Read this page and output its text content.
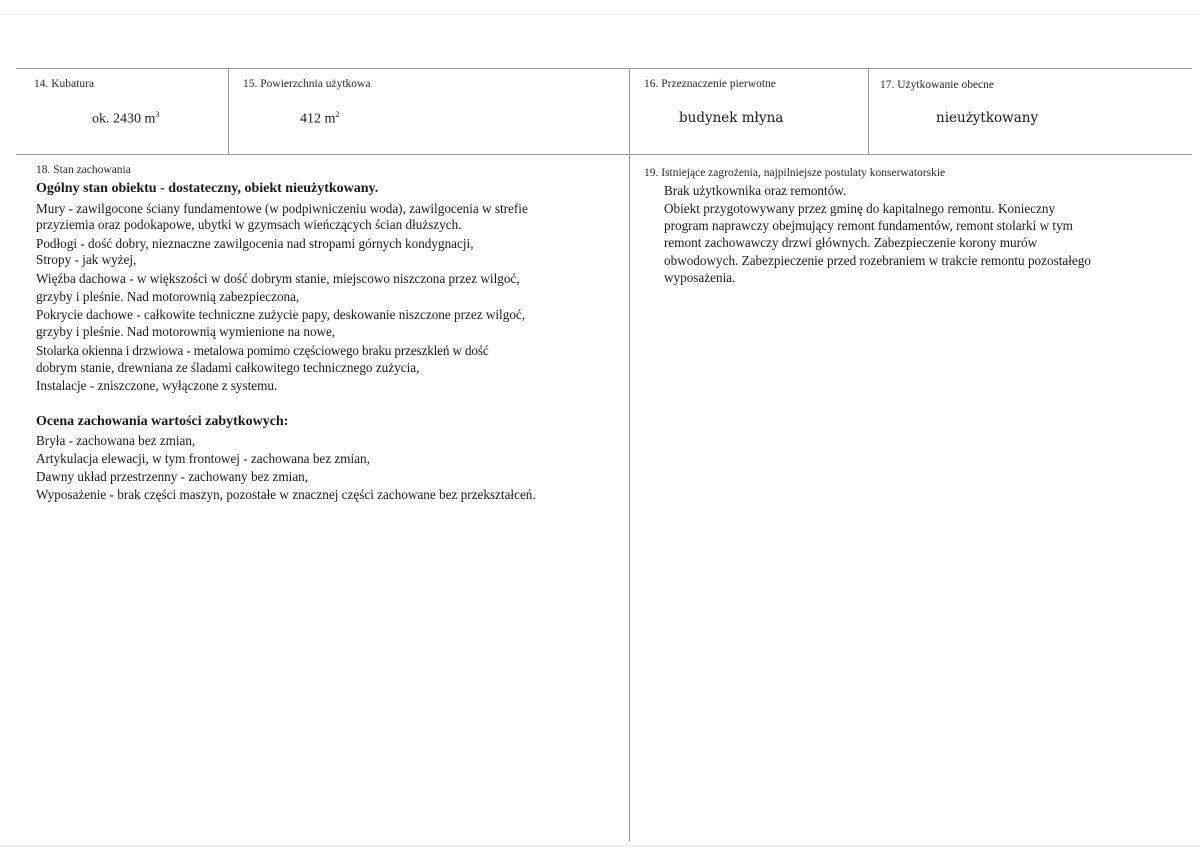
14. Kubatura
ok. 2430 $m^3$
15. Powierzchnia użytkowa
412 $m^2$
16. Przeznaczenie pierwotne
budynek młyna
17. Użytkowanie obecne
nieużytkowany
18. Stan zachowania
Ogólny stan obiektu - dostateczny, obiekt nieużytkowany.
Mury - zawilgocone ściany fundamentowe (w podpiwniczeniu woda), zawilgocenia w strefie
przyziemia oraz podokapowe, ubytki w gzymsach wieńczących ścian dłuższych.
Podłogi - dość dobry, nieznaczne zawilgocenia nad stropami górnych kondygnacji,
Stropy - jak wyżej,
Więźba dachowa - w większości w dość dobrym stanie, miejscowo niszczona przez wilgoć,
grzyby i pleśnie. Nad motorownią zabezpieczona,
Pokrycie dachowe - całkowite techniczne zużycie papy, deskowanie niszczone przez wilgoć,
grzyby i pleśnie. Nad motorownią wymienione na nowe,
Stolarka okienna i drzwiowa - metalowa pomimo częściowego braku przeszkleń w dość
dobrym stanie, drewniana ze śladami całkowitego technicznego zużycia,
Instalacje - zniszczone, wyłączone z systemu.
Ocena zachowania wartości zabytkowych:
Bryła - zachowana bez zmian,
Artykulacja elewacji, w tym frontowej - zachowana bez zmian,
Dawny układ przestrzenny - zachowany bez zmian,
Wyposażenie - brak części maszyn, pozostałe w znacznej części zachowane bez przekształceń.
19. Istniejące zagrożenia, najpilniejsze postulaty konserwatorskie
Brak użytkownika oraz remontów.
Obiekt przygotowywany przez gminę do kapitalnego remontu. Konieczny
program naprawczy obejmujący remont fundamentów, remont stolarki w tym
remont zachowawczy drzwi głównych. Zabezpieczenie korony murów
obwodowych. Zabezpieczenie przed rozebraniem w trakcie remontu pozostałego
wyposażenia.
